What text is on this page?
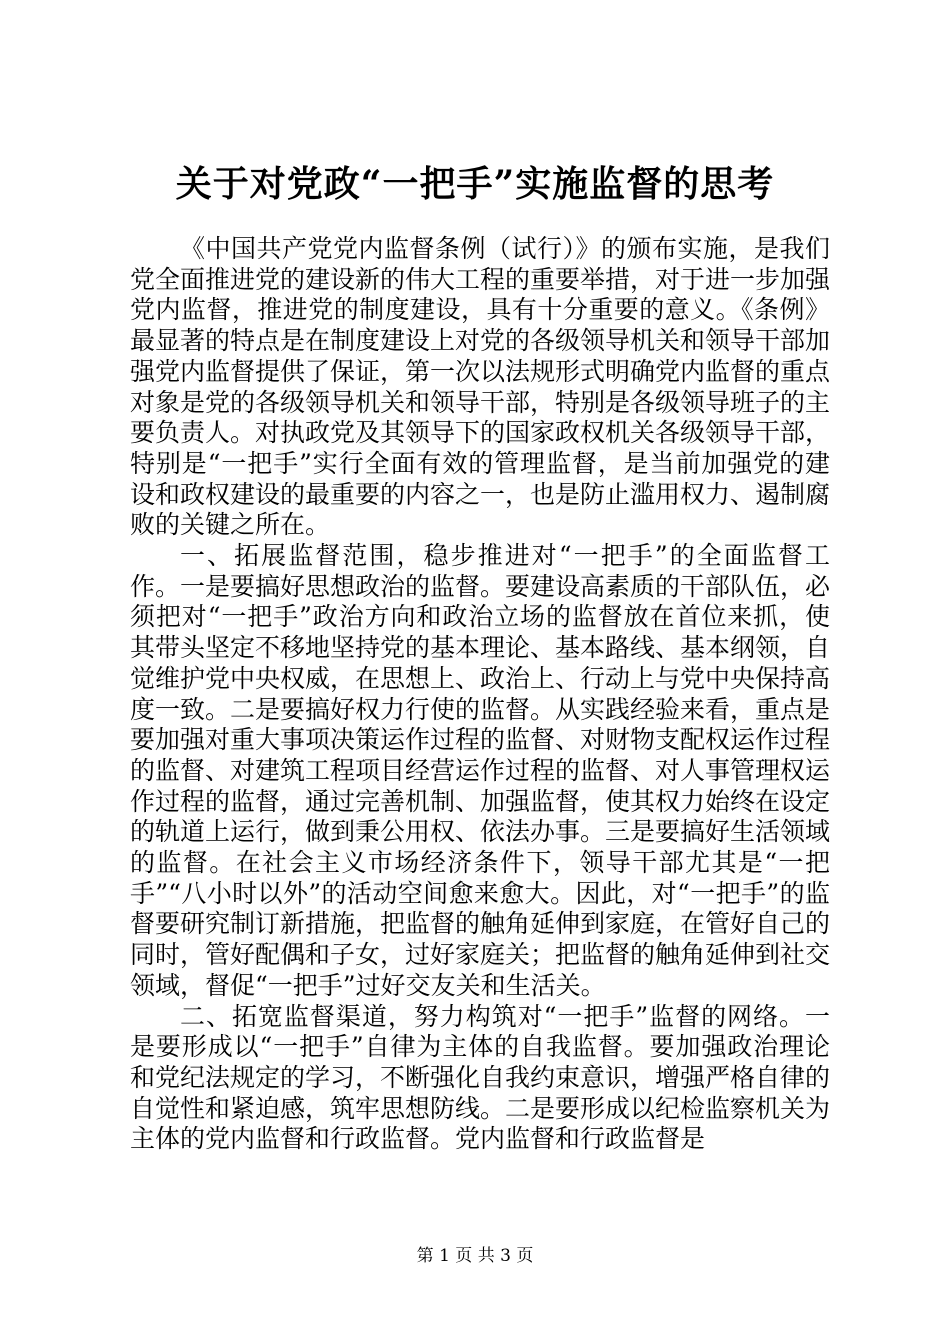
关于对党政“一把手”实施监督的思考

《中国共产党党内监督条例（试行）》的颁布实施，是我们党全面推进党的建设新的伟大工程的重要举措，对于进一步加强党内监督，推进党的制度建设，具有十分重要的意义。《条例》最显著的特点是在制度建设上对党的各级领导机关和领导干部加强党内监督提供了保证，第一次以法规形式明确党内监督的重点对象是党的各级领导机关和领导干部，特别是各级领导班子的主要负责人。对执政党及其领导下的国家政权机关各级领导干部，特别是“一把手”实行全面有效的管理监督，是当前加强党的建设和政权建设的最重要的内容之一，也是防止滥用权力、遏制腐败的关键之所在。

一、拓展监督范围，稳步推进对“一把手”的全面监督工作。一是要搞好思想政治的监督。要建设高素质的干部队伍，必须把对“一把手”政治方向和政治立场的监督放在首位来抓，使其带头坚定不移地坚持党的基本理论、基本路线、基本纲领，自觉维护党中央权威，在思想上、政治上、行动上与党中央保持高度一致。二是要搞好权力行使的监督。从实践经验来看，重点是要加强对重大事项决策运作过程的监督、对财物支配权运作过程的监督、对建筑工程项目经营运作过程的监督、对人事管理权运作过程的监督，通过完善机制、加强监督，使其权力始终在设定的轨道上运行，做到秉公用权、依法办事。三是要搞好生活领域的监督。在社会主义市场经济条件下，领导干部尤其是“一把手”“八小时以外”的活动空间愈来愈大。因此，对“一把手”的监督要研究制订新措施，把监督的触角延伸到家庭，在管好自己的同时，管好配偶和子女，过好家庭关；把监督的触角延伸到社交领域，督促“一把手”过好交友关和生活关。

二、拓宽监督渠道，努力构筑对“一把手”监督的网络。一是要形成以“一把手”自律为主体的自我监督。要加强政治理论和党纪法规定的学习，不断强化自我约束意识，增强严格自律的自觉性和紧迫感，筑牢思想防线。二是要形成以纪检监察机关为主体的党内监督和行政监督。党内监督和行政监督是

第 1 页 共 3 页
